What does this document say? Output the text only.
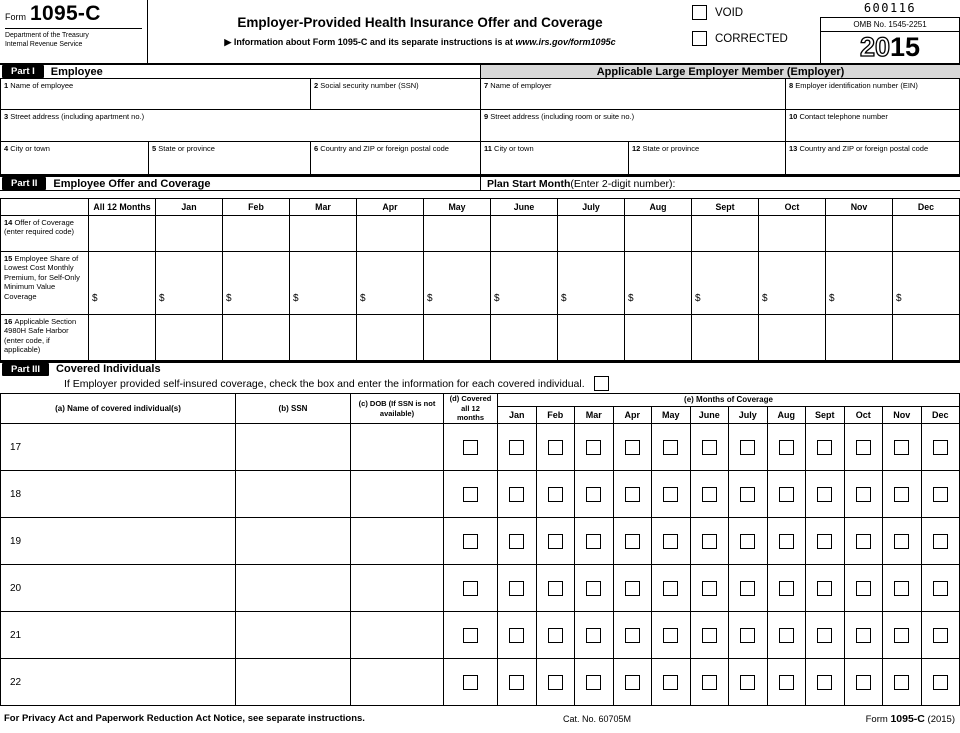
Form 1095-C
Department of the Treasury
Internal Revenue Service
Employer-Provided Health Insurance Offer and Coverage
▶ Information about Form 1095-C and its separate instructions is at www.irs.gov/form1095c
VOID
CORRECTED
600116
OMB No. 1545-2251
20 15
Part I	Employee	Applicable Large Employer Member (Employer)
1 Name of employee	2 Social security number (SSN)	7 Name of employer	8 Employer identification number (EIN)
3 Street address (including apartment no.)	9 Street address (including room or suite no.)	10 Contact telephone number
4 City or town	5 State or province	6 Country and ZIP or foreign postal code	11 City or town	12 State or province	13 Country and ZIP or foreign postal code
Part II	Employee Offer and Coverage	Plan Start Month (Enter 2-digit number):
All 12 Months	Jan	Feb	Mar	Apr	May	June	July	Aug	Sept	Oct	Nov	Dec
14 Offer of Coverage (enter required code)
15 Employee Share of Lowest Cost Monthly Premium, for Self-Only Minimum Value Coverage	$	$	$	$	$	$	$	$	$	$	$	$	$
16 Applicable Section 4980H Safe Harbor (enter code, if applicable)
Part III	Covered Individuals
If Employer provided self-insured coverage, check the box and enter the information for each covered individual.
(a) Name of covered individual(s)	(b) SSN	(c) DOB (If SSN is not available)
(d) Covered all 12 months
(e) Months of Coverage
Jan	Feb	Mar	Apr	May	June	July	Aug	Sept	Oct	Nov	Dec
17
18
19
20
21
22
For Privacy Act and Paperwork Reduction Act Notice, see separate instructions.	Cat. No. 60705M	Form 1095-C (2015)
